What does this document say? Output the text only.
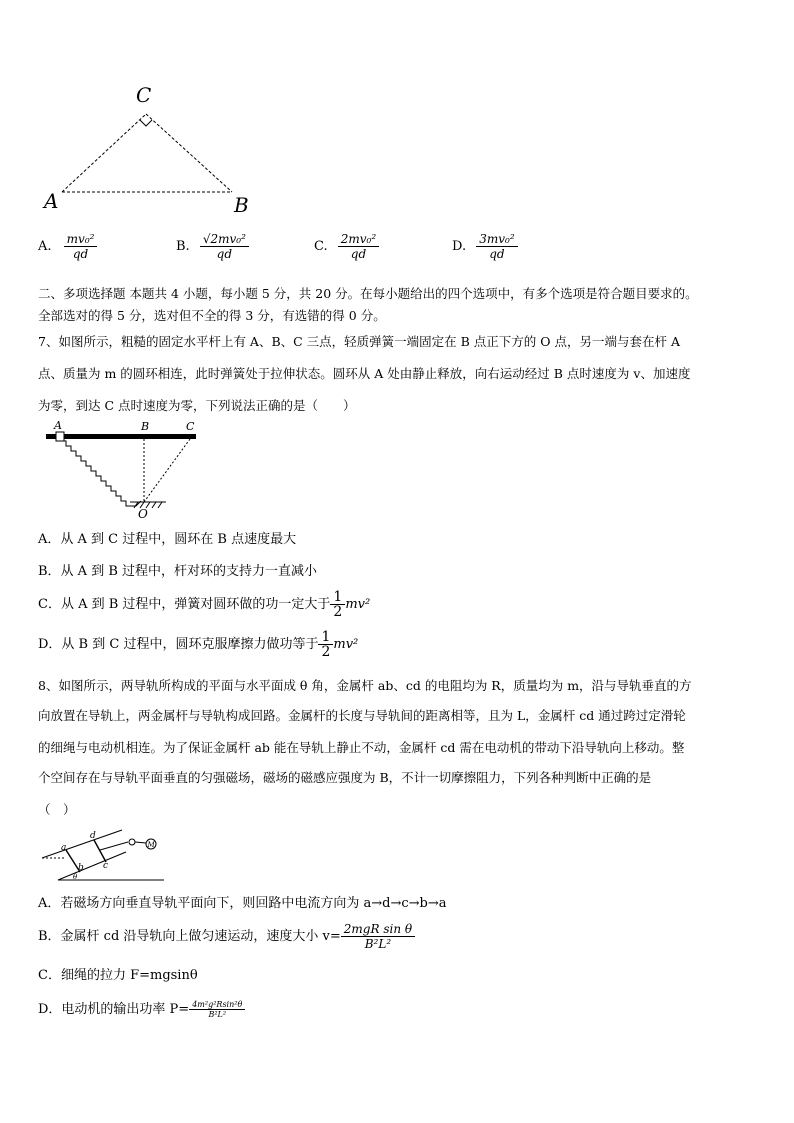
C
A	B
A. $\frac{\text{mv₀²}}{qd}$	B. $\frac{\text{√2mv₀²}}{qd}$	C. $\frac{\text{2mv₀²}}{qd}$	D. $\frac{\text{3mv₀²}}{qd}$
二、多项选择题 本题共 4 小题，每小题 5 分，共 20 分。在每小题给出的四个选项中，有多个选项是符合题目要求的。
全部选对的得 5 分，选对但不全的得 3 分，有选错的得 0 分。
7、如图所示，粗糙的固定水平杆上有 A、B、C 三点，轻质弹簧一端固定在 B 点正下方的 O 点，另一端与套在杆 A
点、质量为 m 的圆环相连，此时弹簧处于拉伸状态。圆环从 A 处由静止释放，向右运动经过 B 点时速度为 v、加速度
为零，到达 C 点时速度为零，下列说法正确的是（　　）
A	B	C
O
A．从 A 到 C 过程中，圆环在 B 点速度最大
B．从 A 到 B 过程中，杆对环的支持力一直减小
C．从 A 到 B 过程中，弹簧对圆环做的功一定大于 $\frac{1}{2} mv^2$
D．从 B 到 C 过程中，圆环克服摩擦力做功等于 $\frac{1}{2} mv^2$
8、如图所示，两导轨所构成的平面与水平面成 θ 角，金属杆 ab、cd 的电阻均为 R，质量均为 m，沿与导轨垂直的方
向放置在导轨上，两金属杆与导轨构成回路。金属杆的长度与导轨间的距离相等，且为 L，金属杆 cd 通过跨过定滑轮
的细绳与电动机相连。为了保证金属杆 ab 能在导轨上静止不动，金属杆 cd 需在电动机的带动下沿导轨向上移动。整
个空间存在与导轨平面垂直的匀强磁场，磁场的磁感应强度为 B，不计一切摩擦阻力，下列各种判断中正确的是
（　）
M
a
b c
d
θ
A．若磁场方向垂直导轨平面向下，则回路中电流方向为 a→d→c→b→a
B．金属杆 cd 沿导轨向上做匀速运动，速度大小 $v= \frac{\text{2mgR sin θ}}{\text{B²L²}}$
C．细绳的拉力 F=mgsinθ
D．电动机的输出功率 $P= \frac{\text{4m²g²Rsin²θ}}{\text{B²L²}}$
